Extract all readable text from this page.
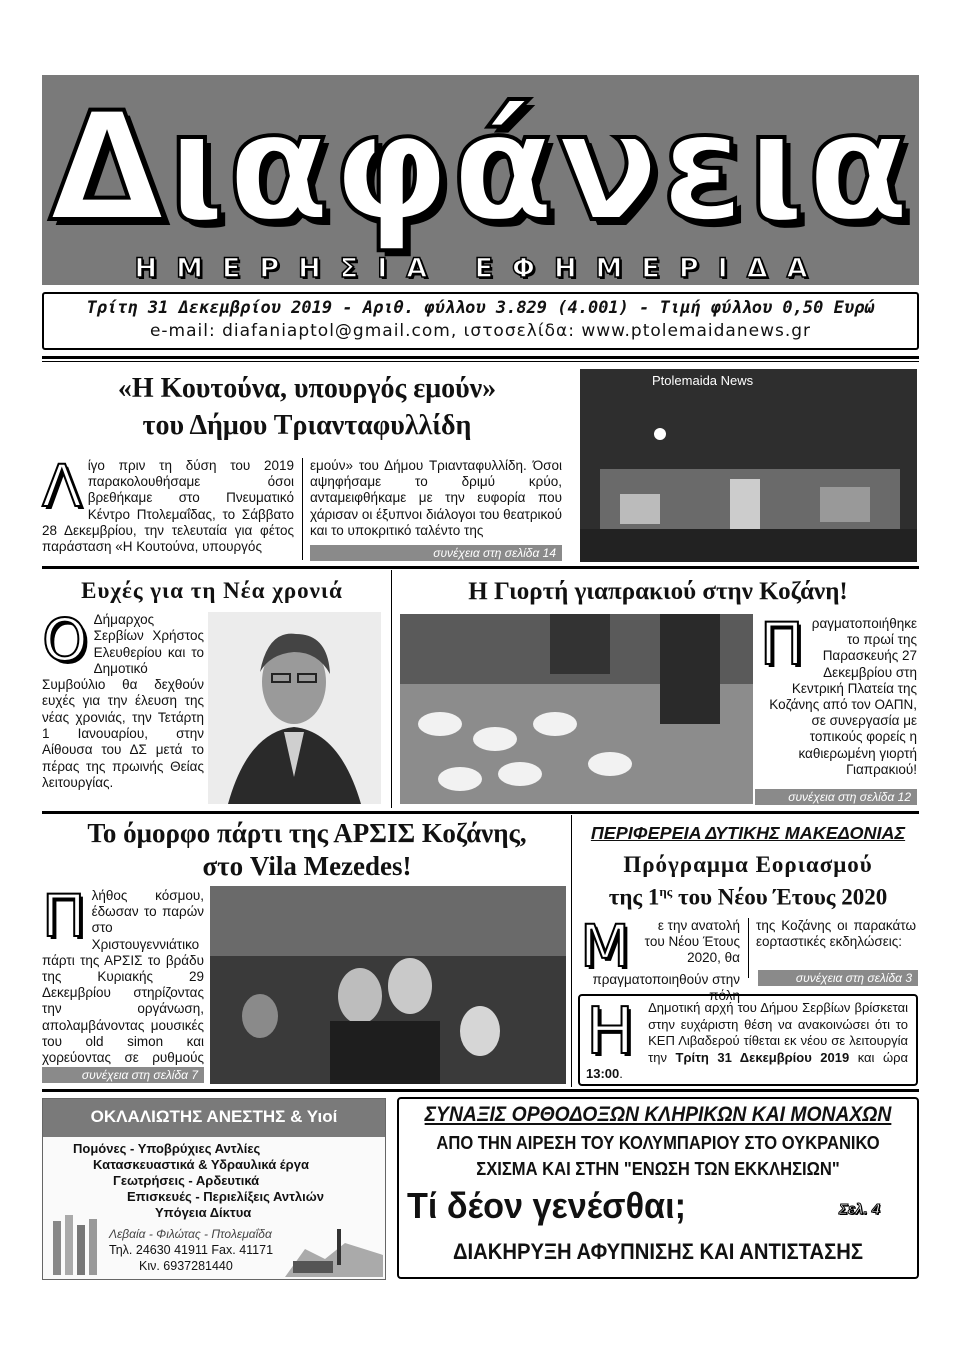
Διαφάνεια
ΗΜΕΡΗΣΙΑ ΕΦΗΜΕΡΙΔΑ
Τρίτη 31 Δεκεμβρίου 2019 - Αριθ. φύλλου 3.829 (4.001) - Τιμή φύλλου 0,50 Ευρώ
e-mail: diafaniaptol@gmail.com, ιστοσελίδα: www.ptolemaidanews.gr
«Η Κουτούνα, υπουργός εμούν»
του Δήμου Τριανταφυλλίδη
Λίγο πριν τη δύση του 2019 παρακολουθήσαμε όσοι βρεθήκαμε στο Πνευματικό Κέντρο Πτολεμαΐδας, το Σάββατο 28 Δεκεμβρίου, την τελευταία για φέτος παράσταση «Η Κουτούνα, υπουργός
εμούν» του Δήμου Τριανταφυλλίδη. Όσοι αψηφήσαμε το δριμύ κρύο, ανταμειφθήκαμε με την ευφορία που χάρισαν οι έξυπνοι διάλογοι του θεατρικού και το υποκριτικό ταλέντο της
συνέχεια στη σελίδα 14
Ptolemaida News
Ευχές για τη Νέα χρονιά
Ο Δήμαρχος Σερβίων Χρήστος Ελευθερίου και το Δημοτικό Συμβούλιο θα δεχθούν ευχές για την έλευση της νέας χρονιάς, την Τετάρτη 1 Ιανουαρίου, στην Αίθουσα του ΔΣ μετά το πέρας της πρωινής Θείας λειτουργίας.
Η Γιορτή γιαπρακιού στην Κοζάνη!
Πραγματοποιήθηκε το πρωί της Παρασκευής 27 Δεκεμβρίου στη Κεντρική Πλατεία της Κοζάνης από τον ΟΑΠΝ, σε συνεργασία με τοπικούς φορείς η καθιερωμένη γιορτή Γιαπρακιού!
συνέχεια στη σελίδα 12
Το όμορφο πάρτι της ΑΡΣΙΣ Κοζάνης,
στο Vila Mezedes!
Πλήθος κόσμου, έδωσαν το παρών στο Χριστουγεννιάτικο πάρτι της ΑΡΣΙΣ το βράδυ της Κυριακής 29 Δεκεμβρίου στηρίζοντας την οργάνωση, απολαμβάνοντας μουσικές του old simon και χορεύοντας σε ρυθμούς
συνέχεια στη σελίδα 7
ΠΕΡΙΦΕΡΕΙΑ ΔΥΤΙΚΗΣ ΜΑΚΕΔΟΝΙΑΣ
Πρόγραμμα Εοριασμού
της $1^{\eta\varsigma}$ του Νέου Έτους 2020
Μ ε την ανατολή του Νέου Έτους 2020, θα πραγματοποιηθούν στην πόλη
της Κοζάνης οι παρακάτω εορταστικές εκδηλώσεις:
συνέχεια στη σελίδα 3
Η Δημοτική αρχή του Δήμου Σερβίων βρίσκεται στην ευχάριστη θέση να ανακοινώσει ότι το ΚΕΠ Λιβαδερού τίθεται εκ νέου σε λειτουργία την Τρίτη 31 Δεκεμβρίου 2019 και ώρα 13:00.
ΟΚΛΑΛΙΩΤΗΣ ΑΝΕΣΤΗΣ & Υιοί
Πομόνες - Υποβρύχιες Αντλίες
Κατασκευαστικά & Υδραυλικά έργα
Γεωτρήσεις - Αρδευτικά
Επισκευές - Περιελίξεις Αντλιών
Υπόγεια Δίκτυα
Λεβαία - Φιλώτας - Πτολεμαΐδα
Τηλ. 24630 41911 Fax. 41171
Κιν. 6937281440
ΣΥΝΑΞΙΣ ΟΡΘΟΔΟΞΩΝ ΚΛΗΡΙΚΩΝ ΚΑΙ ΜΟΝΑΧΩΝ
ΑΠΟ ΤΗΝ ΑΙΡΕΣΗ ΤΟΥ ΚΟΛΥΜΠΑΡΙΟΥ ΣΤΟ ΟΥΚΡΑΝΙΚΟ
ΣΧΙΣΜΑ ΚΑΙ ΣΤΗΝ "ΕΝΩΣΗ ΤΩΝ ΕΚΚΛΗΣΙΩΝ"
Τί δέον γενέσθαι;	Σελ. 4
ΔΙΑΚΗΡΥΞΗ ΑΦΥΠΝΙΣΗΣ ΚΑΙ ΑΝΤΙΣΤΑΣΗΣ
